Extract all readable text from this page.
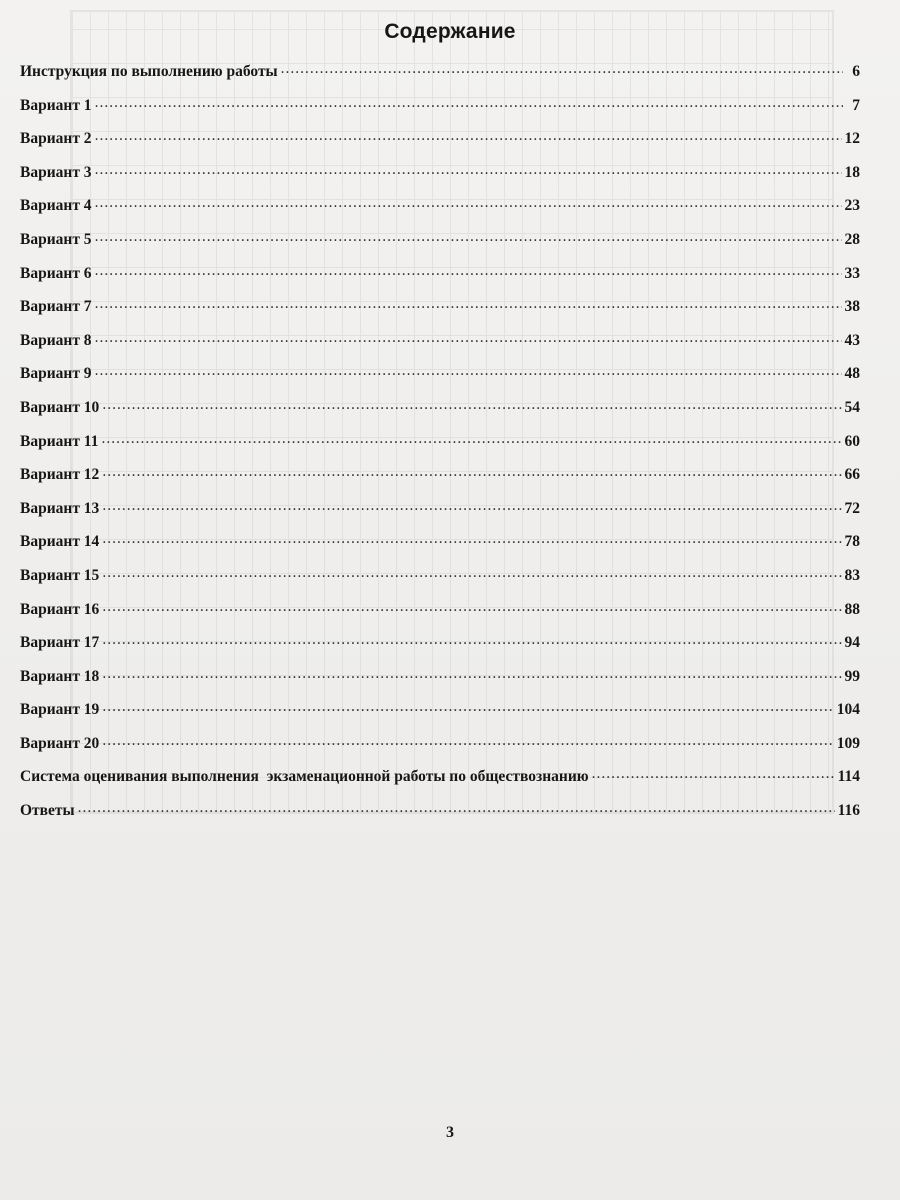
Содержание
Инструкция по выполнению работы .....	6
Вариант 1 .....	7
Вариант 2 .....	12
Вариант 3 .....	18
Вариант 4 .....	23
Вариант 5 .....	28
Вариант 6 .....	33
Вариант 7 .....	38
Вариант 8 .....	43
Вариант 9 .....	48
Вариант 10 .....	54
Вариант 11 .....	60
Вариант 12 .....	66
Вариант 13 .....	72
Вариант 14 .....	78
Вариант 15 .....	83
Вариант 16 .....	88
Вариант 17 .....	94
Вариант 18 .....	99
Вариант 19 .....	104
Вариант 20 .....	109
Система оценивания выполнения  экзаменационной работы по обществознанию .....	114
Ответы .....	116
3
